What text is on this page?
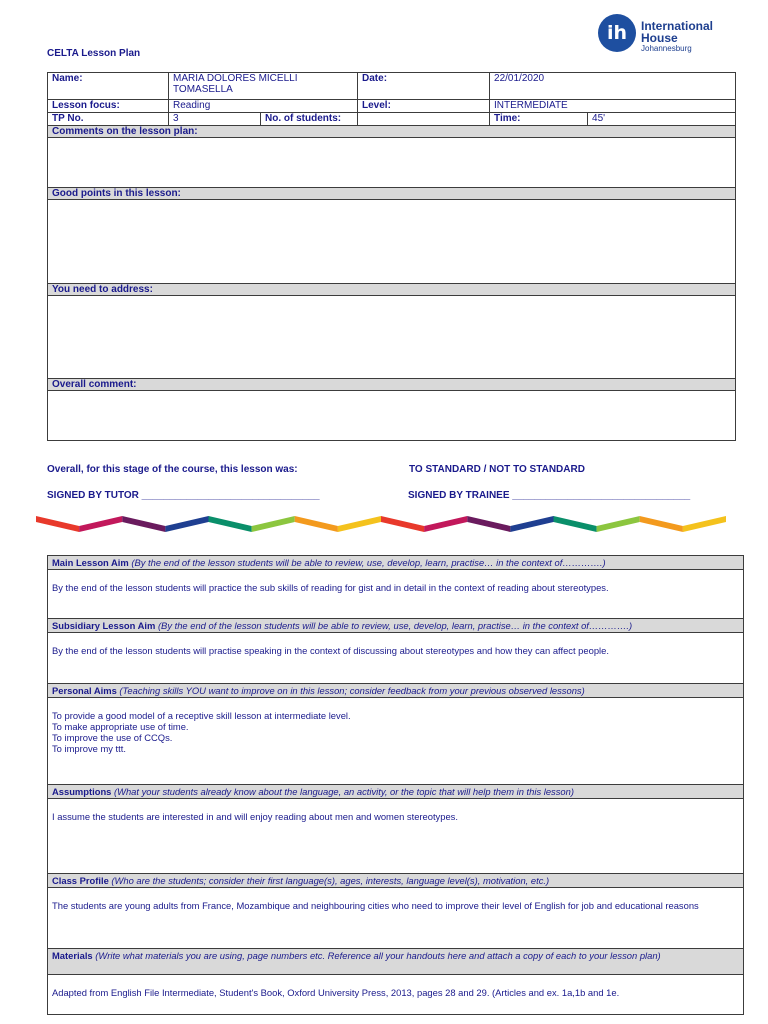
CELTA Lesson Plan
ih	International
House
Johannesburg
Name:	MARIA DOLORES MICELLI TOMASELLA		Date:	22/01/2020	
Lesson focus:	Reading		Level:	INTERMEDIATE	
TP No.	3	No. of students:		Time:	45'
Comments on the lesson plan:					

Good points in this lesson:					

You need to address:					

Overall comment:					

Overall, for this stage of the course, this lesson was:	TO STANDARD / NOT TO STANDARD
SIGNED BY TUTOR ________________________________	SIGNED BY TRAINEE ________________________________
Main Lesson Aim (By the end of the lesson students will be able to review, use, develop, learn, practise… in the context of………….)
By the end of the lesson students will practice the sub skills of reading for gist and in detail in the context of reading about stereotypes.
Subsidiary Lesson Aim (By the end of the lesson students will be able to review, use, develop, learn, practise… in the context of………….)
By the end of the lesson students will practise speaking in the context of discussing about stereotypes and how they can affect people.
Personal Aims (Teaching skills YOU want to improve on in this lesson; consider feedback from your previous observed lessons)

To provide a good model of a receptive skill lesson at intermediate level.
To make appropriate use of time.
To improve the use of CCQs.
To improve my ttt.

Assumptions (What your students already know about the language, an activity, or the topic that will help them in this lesson)
I assume the students are interested in and will enjoy reading about men and women stereotypes.
Class Profile (Who are the students; consider their first language(s), ages, interests, language level(s), motivation, etc.)
The students are young adults from France, Mozambique and neighbouring cities who need to improve their level of English for job and educational reasons
Materials (Write what materials you are using, page numbers etc. Reference all your handouts here and attach a copy of each to your lesson plan)
Adapted from English File Intermediate, Student's Book, Oxford University Press, 2013, pages 28 and 29. (Articles and ex. 1a,1b and 1e.
